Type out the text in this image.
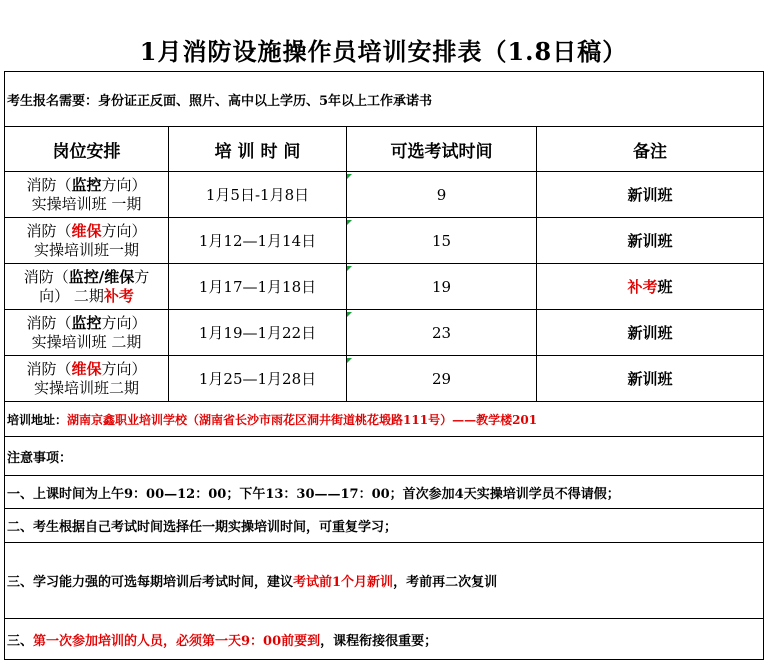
1月消防设施操作员培训安排表（1.8日稿）
考生报名需要：身份证正反面、照片、高中以上学历、5年以上工作承诺书			
岗位安排	培 训 时 间	可选考试时间	备注
消防（监控方向）
实操培训班 一期	1月5日-1月8日	9	新训班
消防（维保方向）
实操培训班一期	1月12—1月14日	15	新训班
消防（监控/维保方
向） 二期补考	1月17—1月18日	19	补考班
消防（监控方向）
实操培训班 二期	1月19—1月22日	23	新训班
消防（维保方向）
实操培训班二期	1月25—1月28日	29	新训班
培训地址：湖南京鑫职业培训学校（湖南省长沙市雨花区洞井街道桃花塅路111号）——教学楼201			
注意事项：			
一、上课时间为上午9：00—12：00；下午13：30——17：00；首次参加4天实操培训学员不得请假；			
二、考生根据自己考试时间选择任一期实操培训时间，可重复学习；			
三、学习能力强的可选每期培训后考试时间，建议考试前1个月新训，考前再二次复训			
三、第一次参加培训的人员，必须第一天9：00前要到，课程衔接很重要；			
